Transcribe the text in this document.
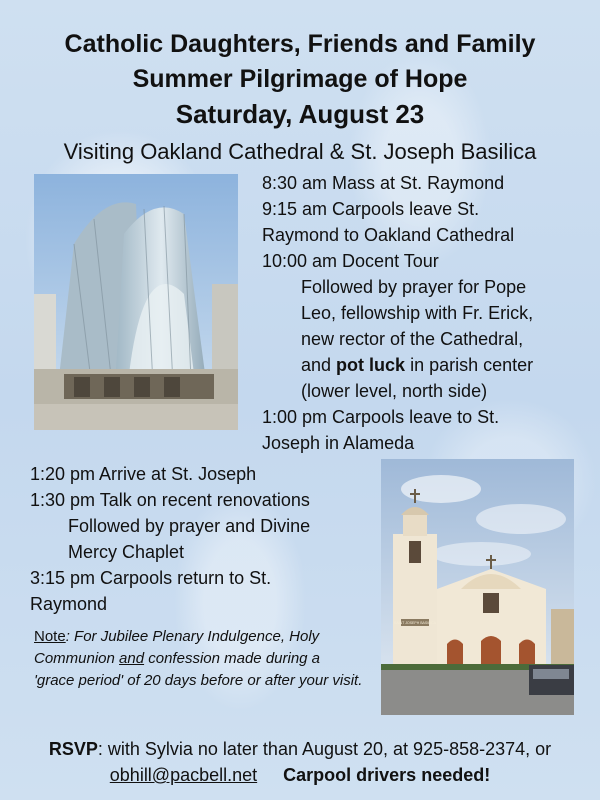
Catholic Daughters, Friends and Family
Summer Pilgrimage of Hope
Saturday, August 23

Visiting Oakland Cathedral & St. Joseph Basilica

8:30 am Mass at St. Raymond
9:15 am Carpools leave St.
Raymond to Oakland Cathedral
10:00 am Docent Tour
Followed by prayer for Pope
Leo, fellowship with Fr. Erick,
new rector of the Cathedral,
and pot luck in parish center
(lower level, north side)
1:00 pm Carpools leave to St.
Joseph in Alameda
1:20 pm Arrive at St. Joseph
1:30 pm Talk on recent renovations
Followed by prayer and Divine
Mercy Chaplet
3:15 pm Carpools return to St.
Raymond
SAINT JOSEPH BASILICA
Note: For Jubilee Plenary Indulgence, Holy Communion and confession made during a 'grace period' of 20 days before or after your visit.
RSVP: with Sylvia no later than August 20, at 925-858-2374, or
obhill@pacbell.net Carpool drivers needed!
